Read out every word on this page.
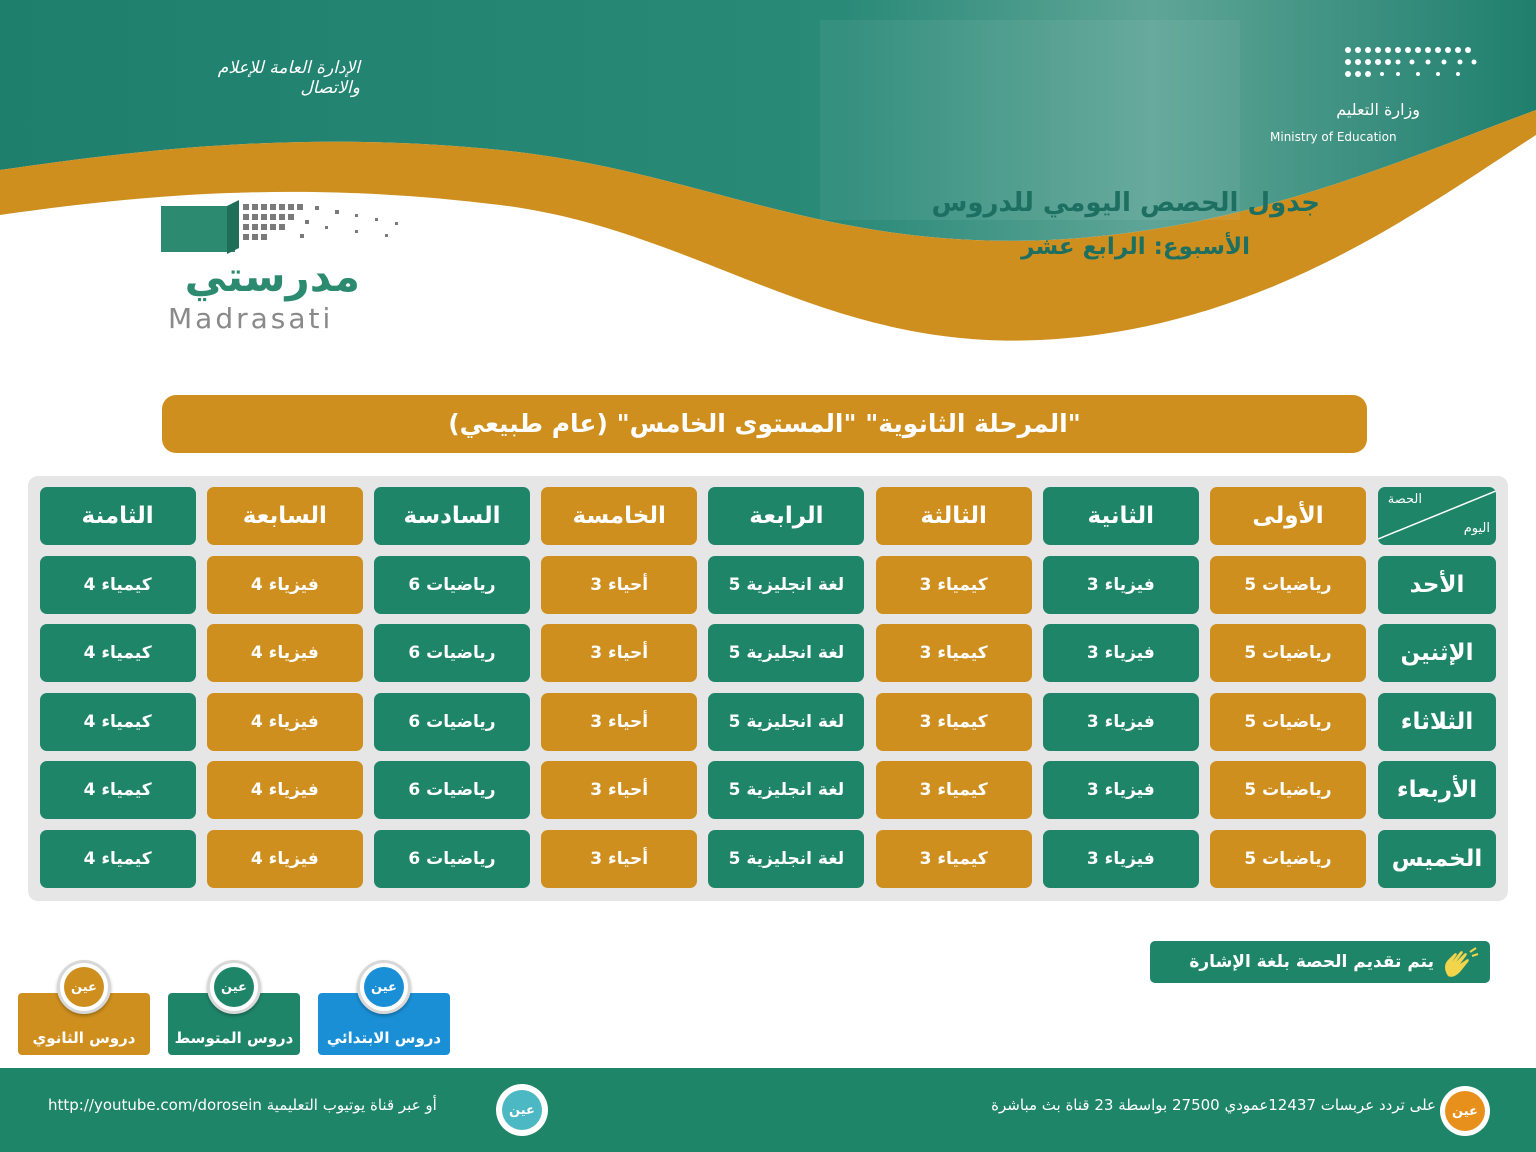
وزارة التعليم
Ministry of Education
الإدارة العامة للإعلام والاتصال
جدول الحصص اليومي للدروس
الأسبوع: الرابع عشر
مدرستي
Madrasati
"المرحلة الثانوية" "المستوى الخامس" (عام طبيعي)
الحصة
اليوم
الأولى
الثانية
الثالثة
الرابعة
الخامسة
السادسة
السابعة
الثامنة
الأحد
رياضيات 5
فيزياء 3
كيمياء 3
لغة انجليزية 5
أحياء 3
رياضيات 6
فيزياء 4
كيمياء 4
الإثنين
رياضيات 5
فيزياء 3
كيمياء 3
لغة انجليزية 5
أحياء 3
رياضيات 6
فيزياء 4
كيمياء 4
الثلاثاء
رياضيات 5
فيزياء 3
كيمياء 3
لغة انجليزية 5
أحياء 3
رياضيات 6
فيزياء 4
كيمياء 4
الأربعاء
رياضيات 5
فيزياء 3
كيمياء 3
لغة انجليزية 5
أحياء 3
رياضيات 6
فيزياء 4
كيمياء 4
الخميس
رياضيات 5
فيزياء 3
كيمياء 3
لغة انجليزية 5
أحياء 3
رياضيات 6
فيزياء 4
كيمياء 4
يتم تقديم الحصة بلغة الإشارة
دروس الابتدائي
دروس المتوسط
دروس الثانوي
عين
عين
عين
عين
على تردد عربسات 12437عمودي 27500 بواسطة 23 قناة بث مباشرة
عين
http://youtube.com/dorosein أو عبر قناة يوتيوب التعليمية
